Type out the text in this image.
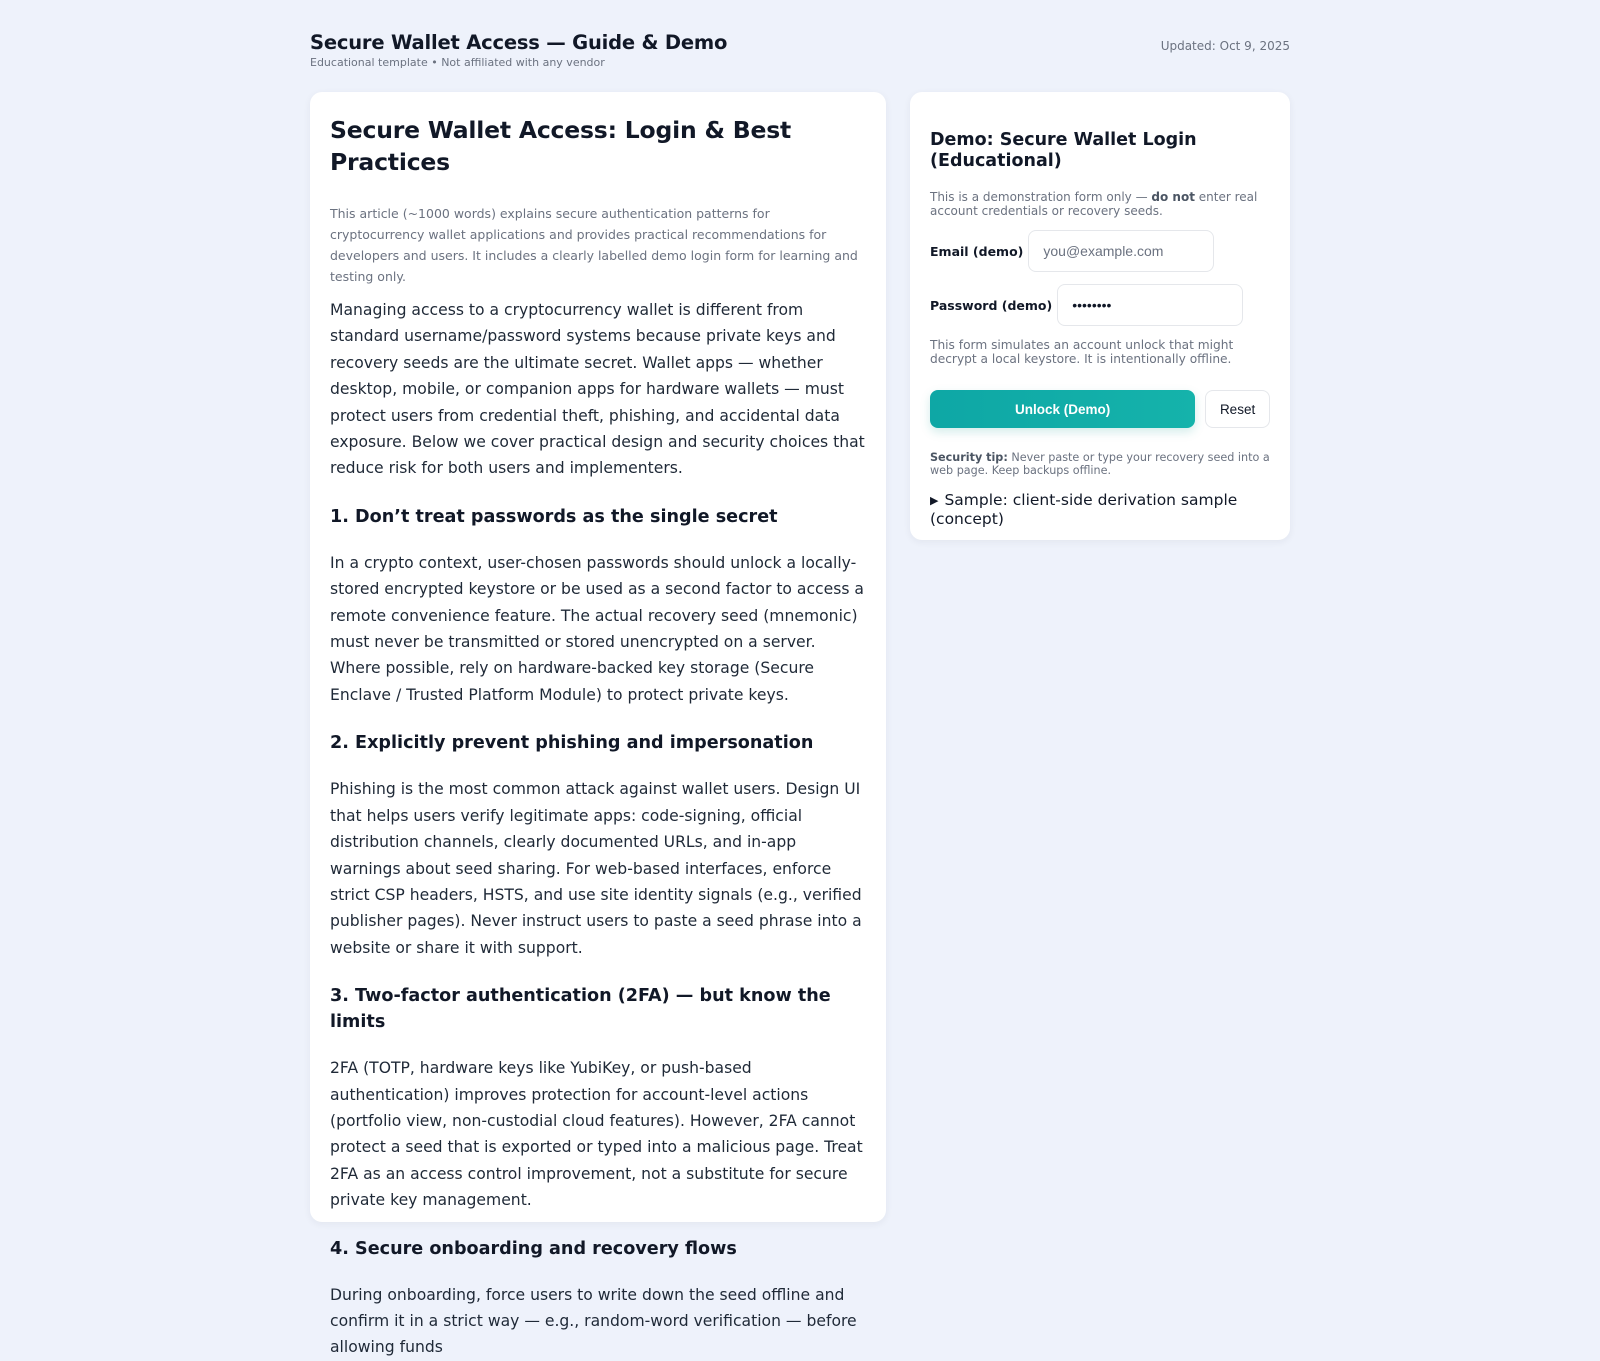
Secure Wallet Access — Guide & Demo

Educational template • Not affiliated with any vendor

Updated: Oct 9, 2025
Secure Wallet Access: Login & Best Practices

This article (~1000 words) explains secure authentication patterns for cryptocurrency wallet applications and provides practical recommendations for developers and users. It includes a clearly labelled demo login form for learning and testing only.

Managing access to a cryptocurrency wallet is different from standard username/password systems because private keys and recovery seeds are the ultimate secret. Wallet apps — whether desktop, mobile, or companion apps for hardware wallets — must protect users from credential theft, phishing, and accidental data exposure. Below we cover practical design and security choices that reduce risk for both users and implementers.

1. Don’t treat passwords as the single secret

In a crypto context, user-chosen passwords should unlock a locally-stored encrypted keystore or be used as a second factor to access a remote convenience feature. The actual recovery seed (mnemonic) must never be transmitted or stored unencrypted on a server. Where possible, rely on hardware-backed key storage (Secure Enclave / Trusted Platform Module) to protect private keys.

2. Explicitly prevent phishing and impersonation

Phishing is the most common attack against wallet users. Design UI that helps users verify legitimate apps: code-signing, official distribution channels, clearly documented URLs, and in-app warnings about seed sharing. For web-based interfaces, enforce strict CSP headers, HSTS, and use site identity signals (e.g., verified publisher pages). Never instruct users to paste a seed phrase into a website or share it with support.

3. Two-factor authentication (2FA) — but know the limits

2FA (TOTP, hardware keys like YubiKey, or push-based authentication) improves protection for account-level actions (portfolio view, non-custodial cloud features). However, 2FA cannot protect a seed that is exported or typed into a malicious page. Treat 2FA as an access control improvement, not a substitute for secure private key management.

4. Secure onboarding and recovery flows

During onboarding, force users to write down the seed offline and confirm it in a strict way — e.g., random-word verification — before allowing funds

Demo: Secure Wallet Login (Educational)

This is a demonstration form only — do not enter real account credentials or recovery seeds.

Email (demo)
you@example.com
Password (demo)
••••••••

This form simulates an account unlock that might decrypt a local keystore. It is intentionally offline.

Unlock (Demo)	Reset

Security tip: Never paste or type your recovery seed into a web page. Keep backups offline.

▶ Sample: client-side derivation sample (concept)
